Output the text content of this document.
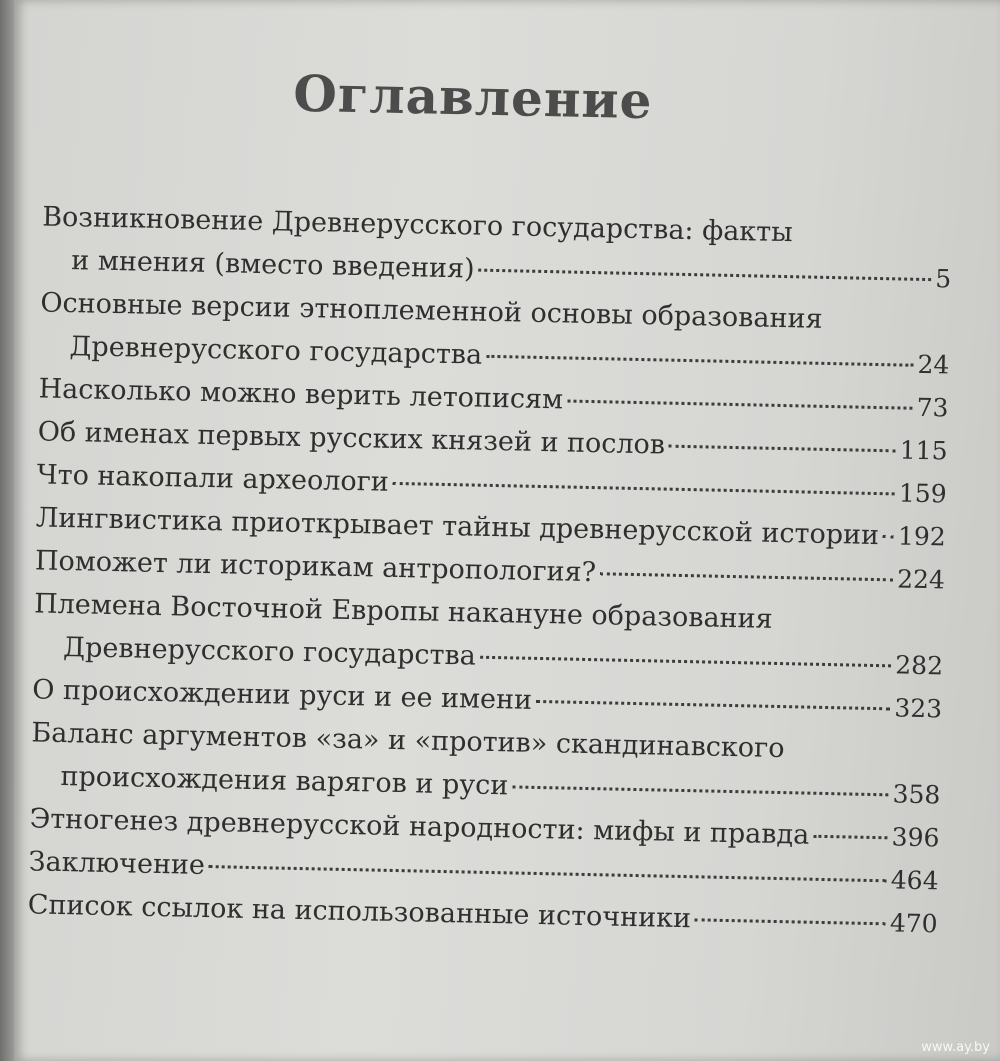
Оглавление
Возникновение Древнерусского государства: факты
и мнения (вместо введения)	5
Основные версии этноплеменной основы образования
Древнерусского государства	24
Насколько можно верить летописям	73
Об именах первых русских князей и послов	115
Что накопали археологи	159
Лингвистика приоткрывает тайны древнерусской истории 192
Поможет ли историкам антропология?	224
Племена Восточной Европы накануне образования
Древнерусского государства	282
О происхождении руси и ее имени	323
Баланс аргументов «за» и «против» скандинавского
происхождения варягов и руси	358
Этногенез древнерусской народности: мифы и правда	396
Заключение	464
Список ссылок на использованные источники	470
www.ay.by
